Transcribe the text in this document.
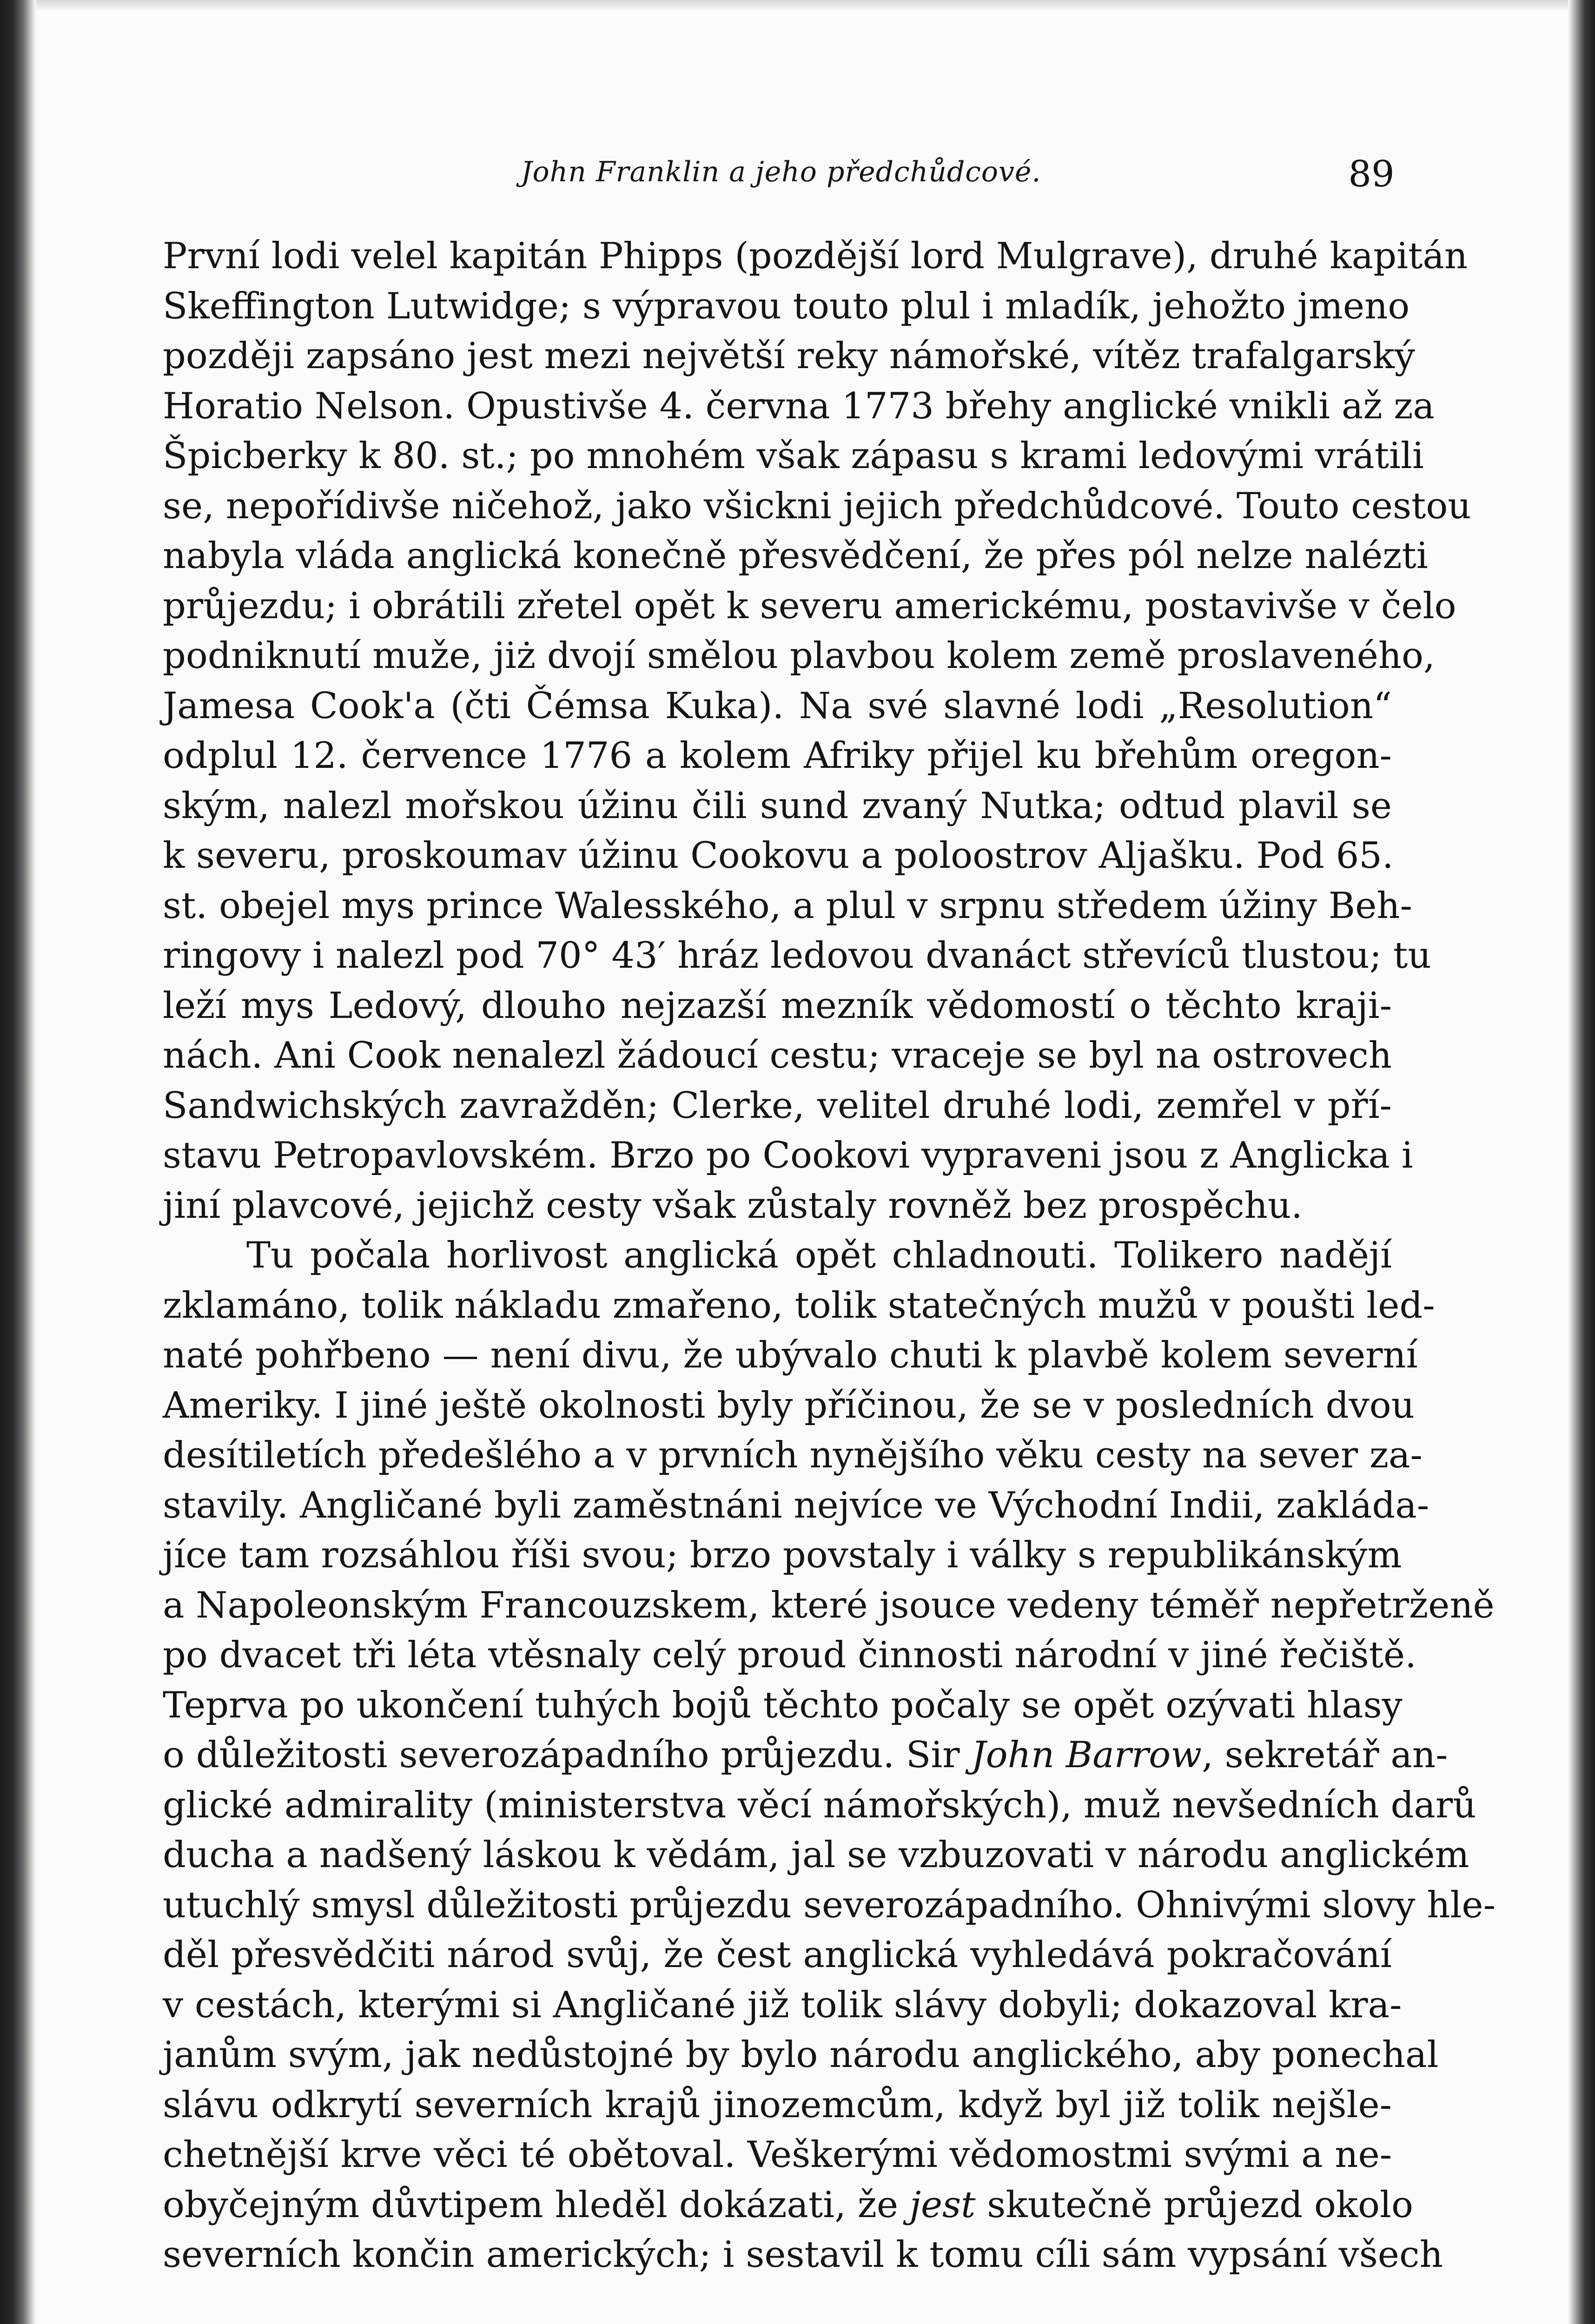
John Franklin a jeho předchůdcové.	89
První lodi velel kapitán Phipps (pozdější lord Mulgrave), druhé kapitán
Skeffington Lutwidge; s výpravou touto plul i mladík, jehožto jmeno
později zapsáno jest mezi největší reky námořské, vítěz trafalgarský
Horatio Nelson. Opustivše 4. června 1773 břehy anglické vnikli až za
Špicberky k 80. st.; po mnohém však zápasu s krami ledovými vrátili
se, nepořídivše ničehož, jako všickni jejich předchůdcové. Touto cestou
nabyla vláda anglická konečně přesvědčení, že přes pól nelze nalézti
průjezdu; i obrátili zřetel opět k severu americkému, postavivše v čelo
podniknutí muže, jiż dvojí smělou plavbou kolem země proslaveného,
Jamesa Cook'a (čti Čémsa Kuka). Na své slavné lodi „Resolution“
odplul 12. července 1776 a kolem Afriky přijel ku břehům oregon-
ským, nalezl mořskou úžinu čili sund zvaný Nutka; odtud plavil se
k severu, proskoumav úžinu Cookovu a poloostrov Aljašku. Pod 65.
st. obejel mys prince Walesského, a plul v srpnu středem úžiny Beh-
ringovy i nalezl pod 70° 43′ hráz ledovou dvanáct střevíců tlustou; tu
leží mys Ledový, dlouho nejzazší mezník vědomostí o těchto kraji-
nách. Ani Cook nenalezl žádoucí cestu; vraceje se byl na ostrovech
Sandwichských zavražděn; Clerke, velitel druhé lodi, zemřel v pří-
stavu Petropavlovském. Brzo po Cookovi vypraveni jsou z Anglicka i
jiní plavcové, jejichž cesty však zůstaly rovněž bez prospěchu.
Tu počala horlivost anglická opět chladnouti. Tolikero nadějí
zklamáno, tolik nákladu zmařeno, tolik statečných mužů v poušti led-
naté pohřbeno — není divu, že ubývalo chuti k plavbě kolem severní
Ameriky. I jiné ještě okolnosti byly příčinou, že se v posledních dvou
desítiletích předešlého a v prvních nynějšího věku cesty na sever za-
stavily. Angličané byli zaměstnáni nejvíce ve Východní Indii, zakláda-
jíce tam rozsáhlou říši svou; brzo povstaly i války s republikánským
a Napoleonským Francouzskem, které jsouce vedeny téměř nepřetrženě
po dvacet tři léta vtěsnaly celý proud činnosti národní v jiné řečiště.
Teprva po ukončení tuhých bojů těchto počaly se opět ozývati hlasy
o důležitosti severozápadního průjezdu. Sir John Barrow, sekretář an-
glické admirality (ministerstva věcí námořských), muž nevšedních darů
ducha a nadšený láskou k vědám, jal se vzbuzovati v národu anglickém
utuchlý smysl důležitosti průjezdu severozápadního. Ohnivými slovy hle-
děl přesvědčiti národ svůj, že čest anglická vyhledává pokračování
v cestách, kterými si Angličané již tolik slávy dobyli; dokazoval kra-
janům svým, jak nedůstojné by bylo národu anglického, aby ponechal
slávu odkrytí severních krajů jinozemcům, když byl již tolik nejšle-
chetnější krve věci té obětoval. Veškerými vědomostmi svými a ne-
obyčejným důvtipem hleděl dokázati, že jest skutečně průjezd okolo
severních končin amerických; i sestavil k tomu cíli sám vypsání všech
